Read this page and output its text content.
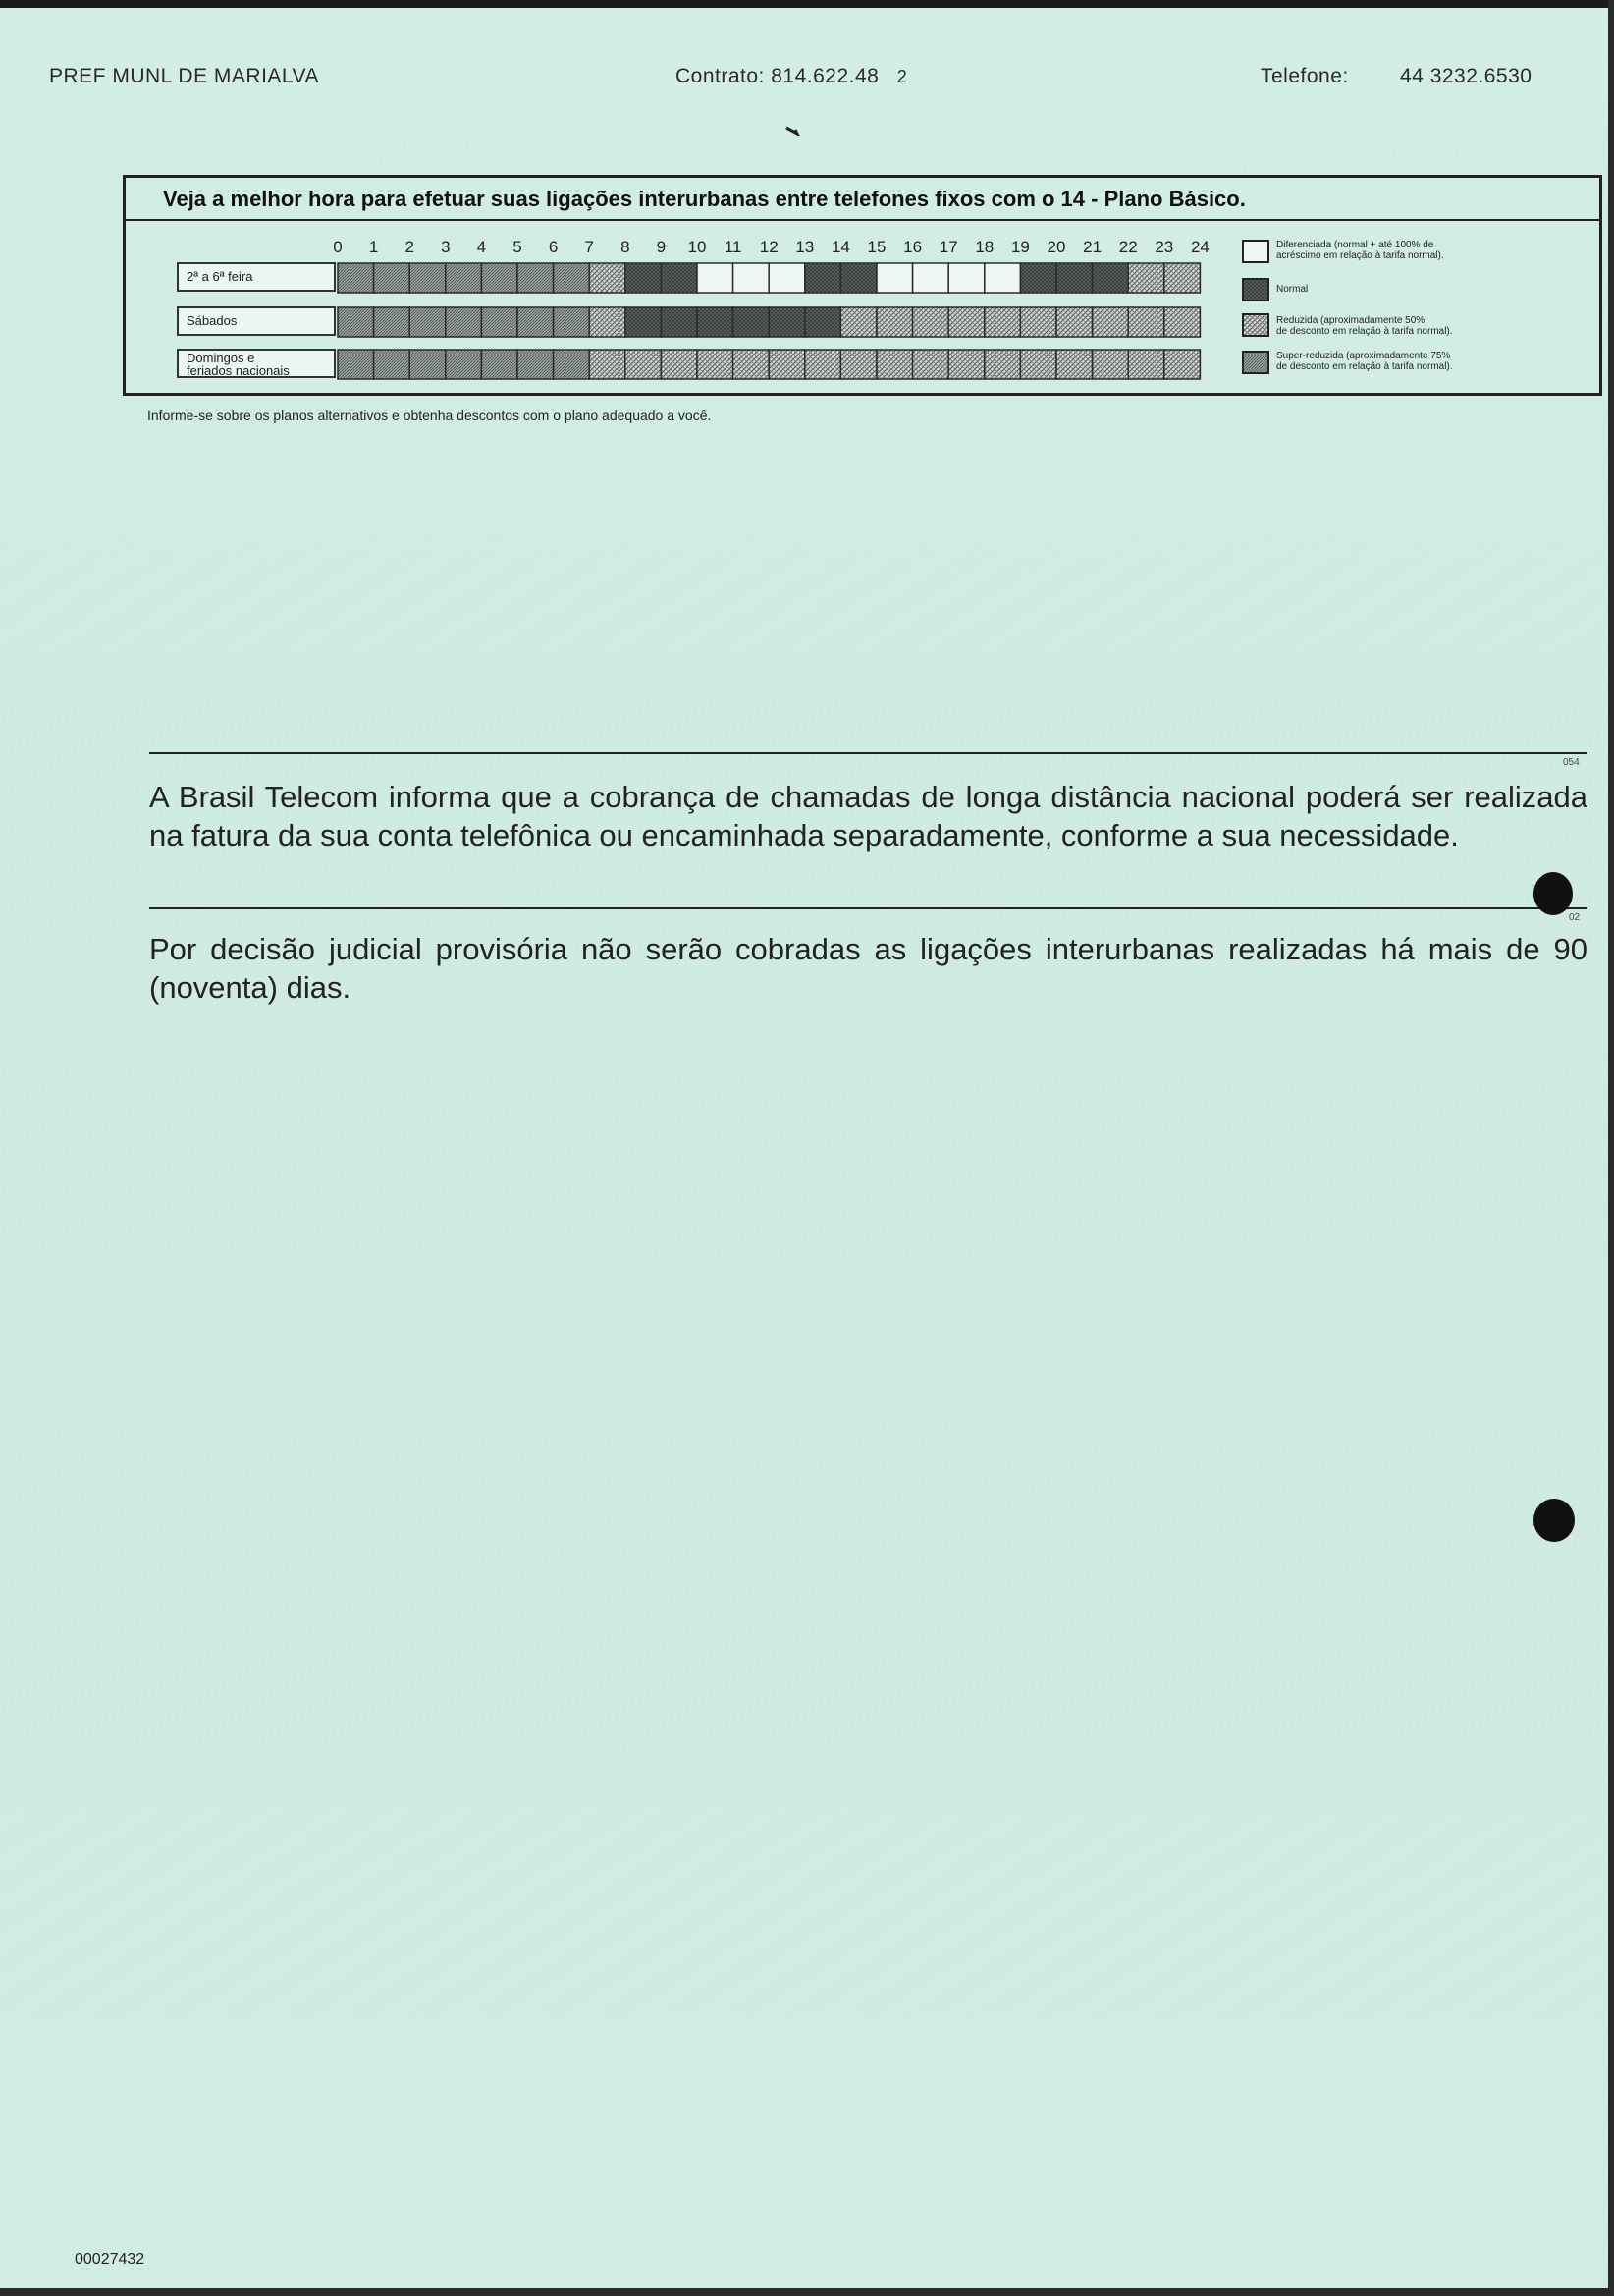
PREF MUNL DE MARIALVA	Contrato: 814.622.48 2	Telefone: 44 3232.6530
Veja a melhor hora para efetuar suas ligações interurbanas entre telefones fixos com o 14 - Plano Básico.
2ª a 6ª feira
Sábados
Domingos e
feriados nacionais
0 1 2 3 4 5 6 7 8 9 10 11 12 13 14 15 16 17 18 19 20 21 22 23 24	Diferenciada (normal + até 100% de
acréscimo em relação à tarifa normal).
Normal
Reduzida (aproximadamente 50%
de desconto em relação à tarifa normal).
Super-reduzida (aproximadamente 75%
de desconto em relação à tarifa normal).
Informe-se sobre os planos alternativos e obtenha descontos com o plano adequado a você.
054
A Brasil Telecom informa que a cobrança de chamadas de longa distância nacional poderá ser realizada na fatura da sua conta telefônica ou encaminhada separadamente, conforme a sua necessidade.
02
Por decisão judicial provisória não serão cobradas as ligações interurbanas realizadas há mais de 90 (noventa) dias.
00027432
